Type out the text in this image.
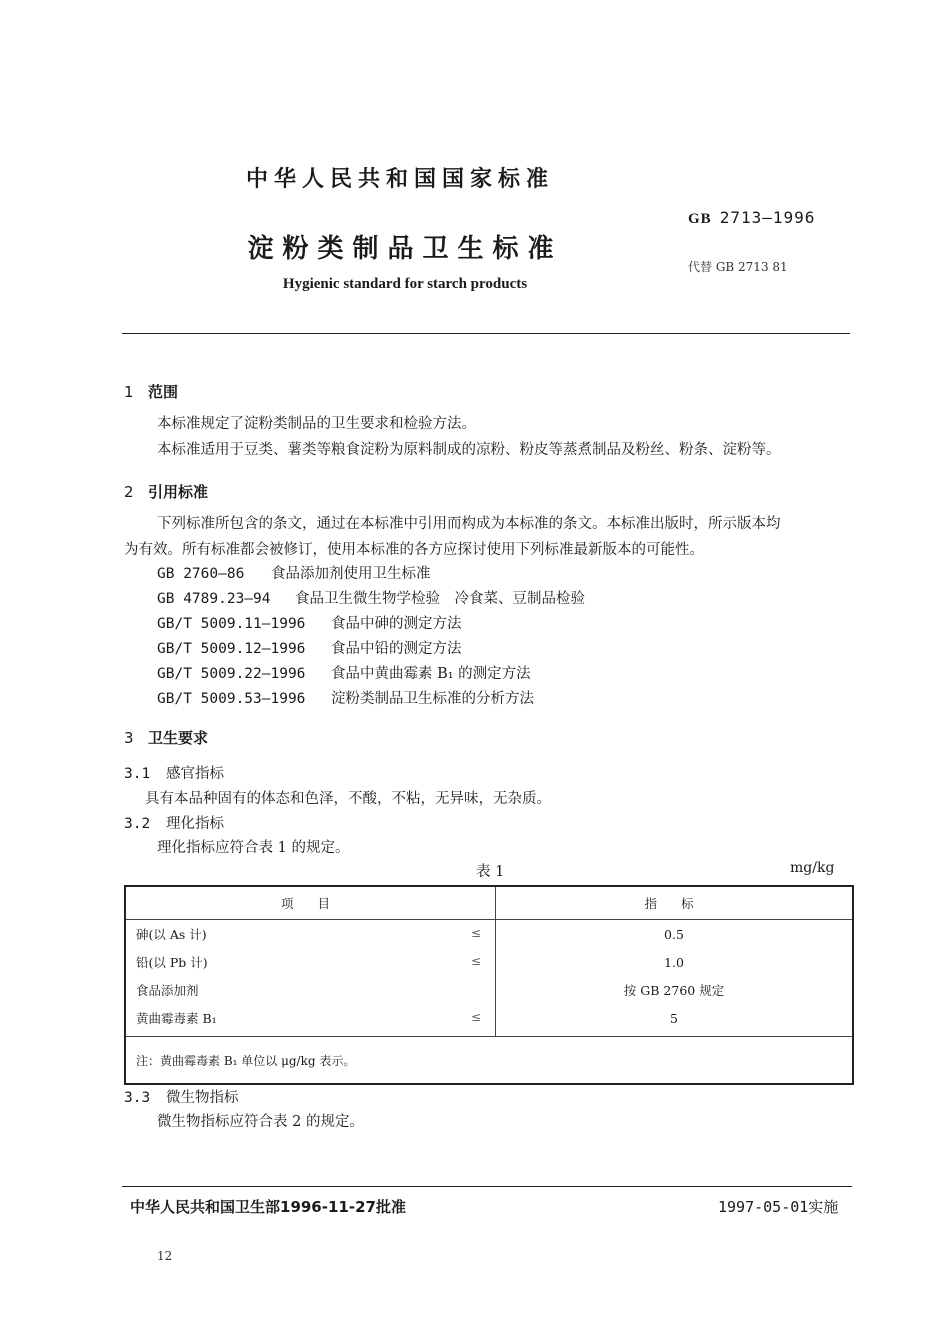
中华人民共和国国家标准
淀粉类制品卫生标准
Hygienic standard for starch products
GB 2713—1996
代替 GB 2713 81
1 范围
本标准规定了淀粉类制品的卫生要求和检验方法。
本标准适用于豆类、薯类等粮食淀粉为原料制成的凉粉、粉皮等蒸煮制品及粉丝、粉条、淀粉等。
2 引用标准
下列标准所包含的条文，通过在本标准中引用而构成为本标准的条文。本标准出版时，所示版本均
为有效。所有标准都会被修订，使用本标准的各方应探讨使用下列标准最新版本的可能性。
GB 2760—86 食品添加剂使用卫生标准
GB 4789.23—94 食品卫生微生物学检验　冷食菜、豆制品检验
GB/T 5009.11—1996 食品中砷的测定方法
GB/T 5009.12—1996 食品中铅的测定方法
GB/T 5009.22—1996 食品中黄曲霉素 B₁ 的测定方法
GB/T 5009.53—1996 淀粉类制品卫生标准的分析方法
3 卫生要求
3.1 感官指标
具有本品种固有的体态和色泽，不酸，不粘，无异味，无杂质。
3.2 理化指标
理化指标应符合表 1 的规定。
表 1	mg/kg
项 目	指 标
砷(以 As 计) ≤	0.5
铅(以 Pb 计) ≤	1.0
食品添加剂	按 GB 2760 规定
黄曲霉毒素 B₁ ≤	5
注：黄曲霉毒素 B₁ 单位以 μg/kg 表示。	
3.3 微生物指标
微生物指标应符合表 2 的规定。
中华人民共和国卫生部1996-11-27批准	1997-05-01实施
12
